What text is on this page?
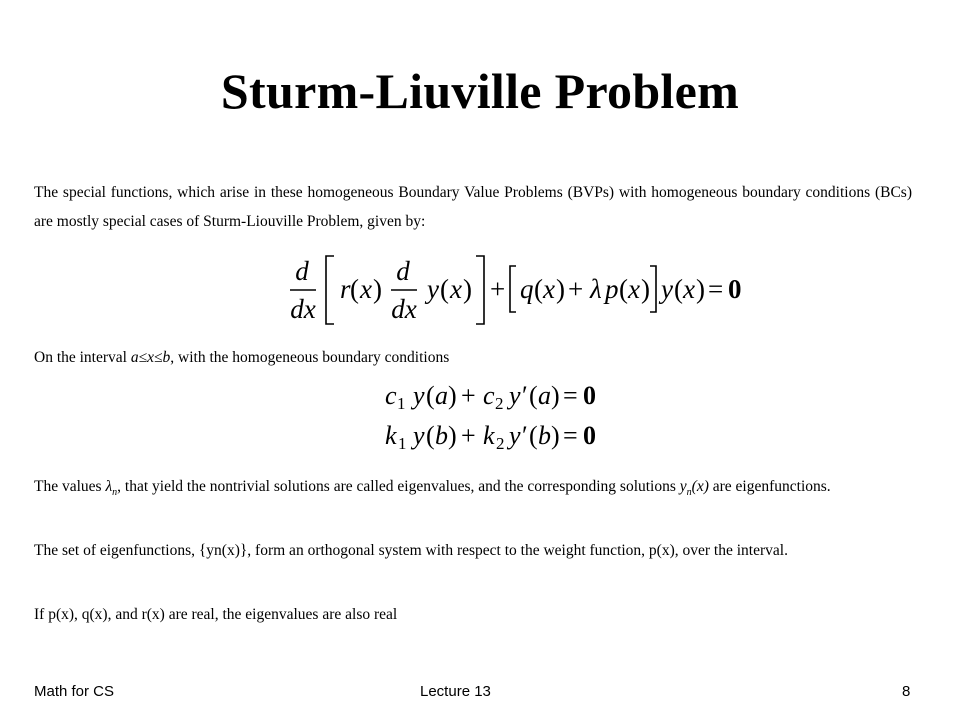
Sturm-Liuville Problem

The special functions, which arise in these homogeneous Boundary Value Problems (BVPs) with homogeneous boundary conditions (BCs) are mostly special cases of Sturm-Liouville Problem, given by:

d
dx
r ( x )
d
dx
y ( x ) + q ( x ) + λ p ( x ) y ( x ) = 0

On the interval a≤x≤b, with the homogeneous boundary conditions

c 1 y ( a ) + c 2 y ′ ( a ) = 0
k 1 y ( b ) + k 2 y ′ ( b ) = 0

The values $\lambda_n$, that yield the nontrivial solutions are called eigenvalues, and the corresponding solutions $y_n(x)$ are eigenfunctions.

The set of eigenfunctions, {yn(x)}, form an orthogonal system with respect to the weight function, p(x), over the interval.

If p(x), q(x), and r(x) are real, the eigenvalues are also real

Math for CS	Lecture 13	8
